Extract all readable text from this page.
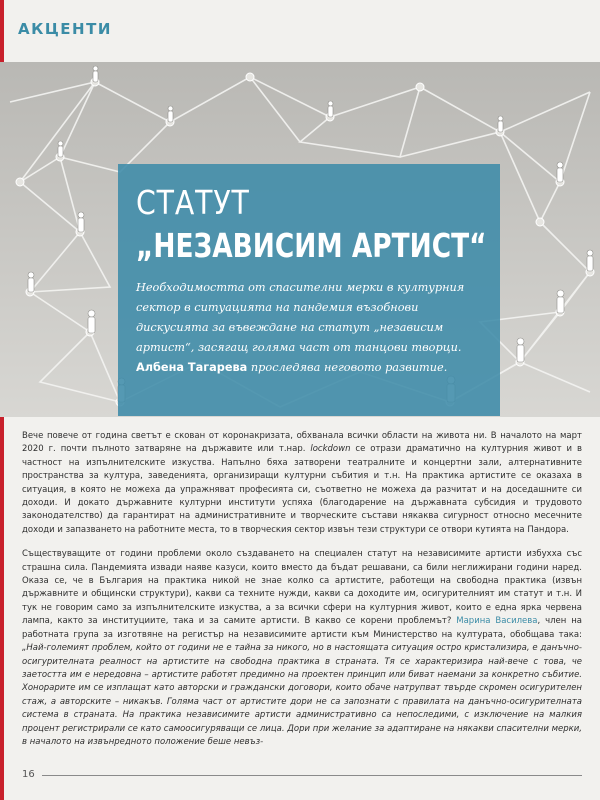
АКЦЕНТИ
СТАТУТ
„НЕЗАВИСИМ АРТИСТ“
Необходимостта от спасителни мерки в културния сектор в ситуацията на пандемия възобнови дискусията за въвеждане на статут „независим артист“, засягащ голяма част от танцови творци. Албена Тагарева проследява неговото развитие.

Вече повече от година светът е скован от коронакризата, обхванала всички области на живота ни. В началото на март 2020 г. почти пълното затваряне на държавите или т.нар. lockdown се отрази драматично на културния живот и в частност на изпълнителските изкуства. Напълно бяха затворени театралните и концертни зали, алтернативните пространства за култура, заведенията, организиращи културни събития и т.н. На практика артистите се оказаха в ситуация, в която не можеха да упражняват професията си, съответно не можеха да разчитат и на доседашните си доходи. И докато държавните културни институти успяха (благодарение на държавната субсидия и трудовото законодателство) да гарантират на административните и творческите състави някаква сигурност относно месечните доходи и запазването на работните места, то в творческия сектор извън тези структури се отвори кутията на Пандора.

Съществуващите от години проблеми около създаването на специален статут на независимите артисти избухха със страшна сила. Пандемията извади наяве казуси, които вместо да бъдат решавани, са били неглижирани години наред. Оказа се, че в България на практика никой не знае колко са артистите, работещи на свободна практика (извън държавните и общински структури), какви са техните нужди, какви са доходите им, осигурителният им статут и т.н. И тук не говорим само за изпълнителските изкуства, а за всички сфери на културния живот, които е една ярка червена лампа, както за институциите, така и за самите артисти. В какво се корени проблемът? Марина Василева, член на работната група за изготвяне на регистър на независимите артисти към Министерство на културата, обобщава така: „Най-големият проблем, който от години не е тайна за никого, но в настоящата ситуация остро кристализира, е данъчно-осигурителната реалност на артистите на свободна практика в страната. Тя се характеризира най-вече с това, че заетостта им е нередовна – артистите работят предимно на проектен принцип или биват наемани за конкретно събитие. Хонорарите им се изплащат като авторски и граждански договори, които обаче натрупват твърде скромен осигурителен стаж, а авторските – никакъв. Голяма част от артистите дори не са запознати с правилата на данъчно-осигурителната система в страната. На практика независимите артисти административно са непоследими, с изключение на малкия процент регистрирали се като самоосигуряващи се лица. Дори при желание за адаптиране на някакви спасителни мерки, в началото на извънредното положение беше невъз-

16
